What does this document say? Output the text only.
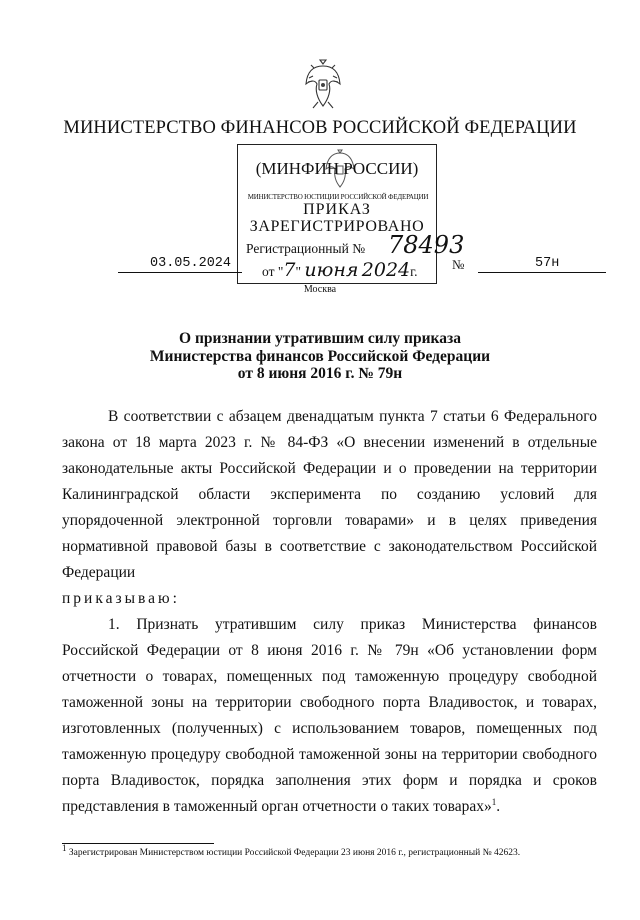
МИНИСТЕРСТВО ФИНАНСОВ РОССИЙСКОЙ ФЕДЕРАЦИИ
(МИНФИН РОССИИ)
МИНИСТЕРСТВО ЮСТИЦИИ РОССИЙСКОЙ ФЕДЕРАЦИИ
ПРИКАЗ
ЗАРЕГИСТРИРОВАНО
Регистрационный № 78493
от "7" июня 2024г.
03.05.2024	№	57н
Москва
О признании утратившим силу приказа
Министерства финансов Российской Федерации
от 8 июня 2016 г. № 79н

В соответствии с абзацем двенадцатым пункта 7 статьи 6 Федерального закона от 18 марта 2023 г. № 84-ФЗ «О внесении изменений в отдельные законодательные акты Российской Федерации и о проведении на территории Калининградской области эксперимента по созданию условий для упорядоченной электронной торговли товарами» и в целях приведения нормативной правовой базы в соответствие с законодательством Российской Федерации

приказываю:

1. Признать утратившим силу приказ Министерства финансов Российской Федерации от 8 июня 2016 г. № 79н «Об установлении форм отчетности о товарах, помещенных под таможенную процедуру свободной таможенной зоны на территории свободного порта Владивосток, и товарах, изготовленных (полученных) с использованием товаров, помещенных под таможенную процедуру свободной таможенной зоны на территории свободного порта Владивосток, порядка заполнения этих форм и порядка и сроков представления в таможенный орган отчетности о таких товарах»$^1$.

$^1$ Зарегистрирован Министерством юстиции Российской Федерации 23 июня 2016 г., регистрационный № 42623.
